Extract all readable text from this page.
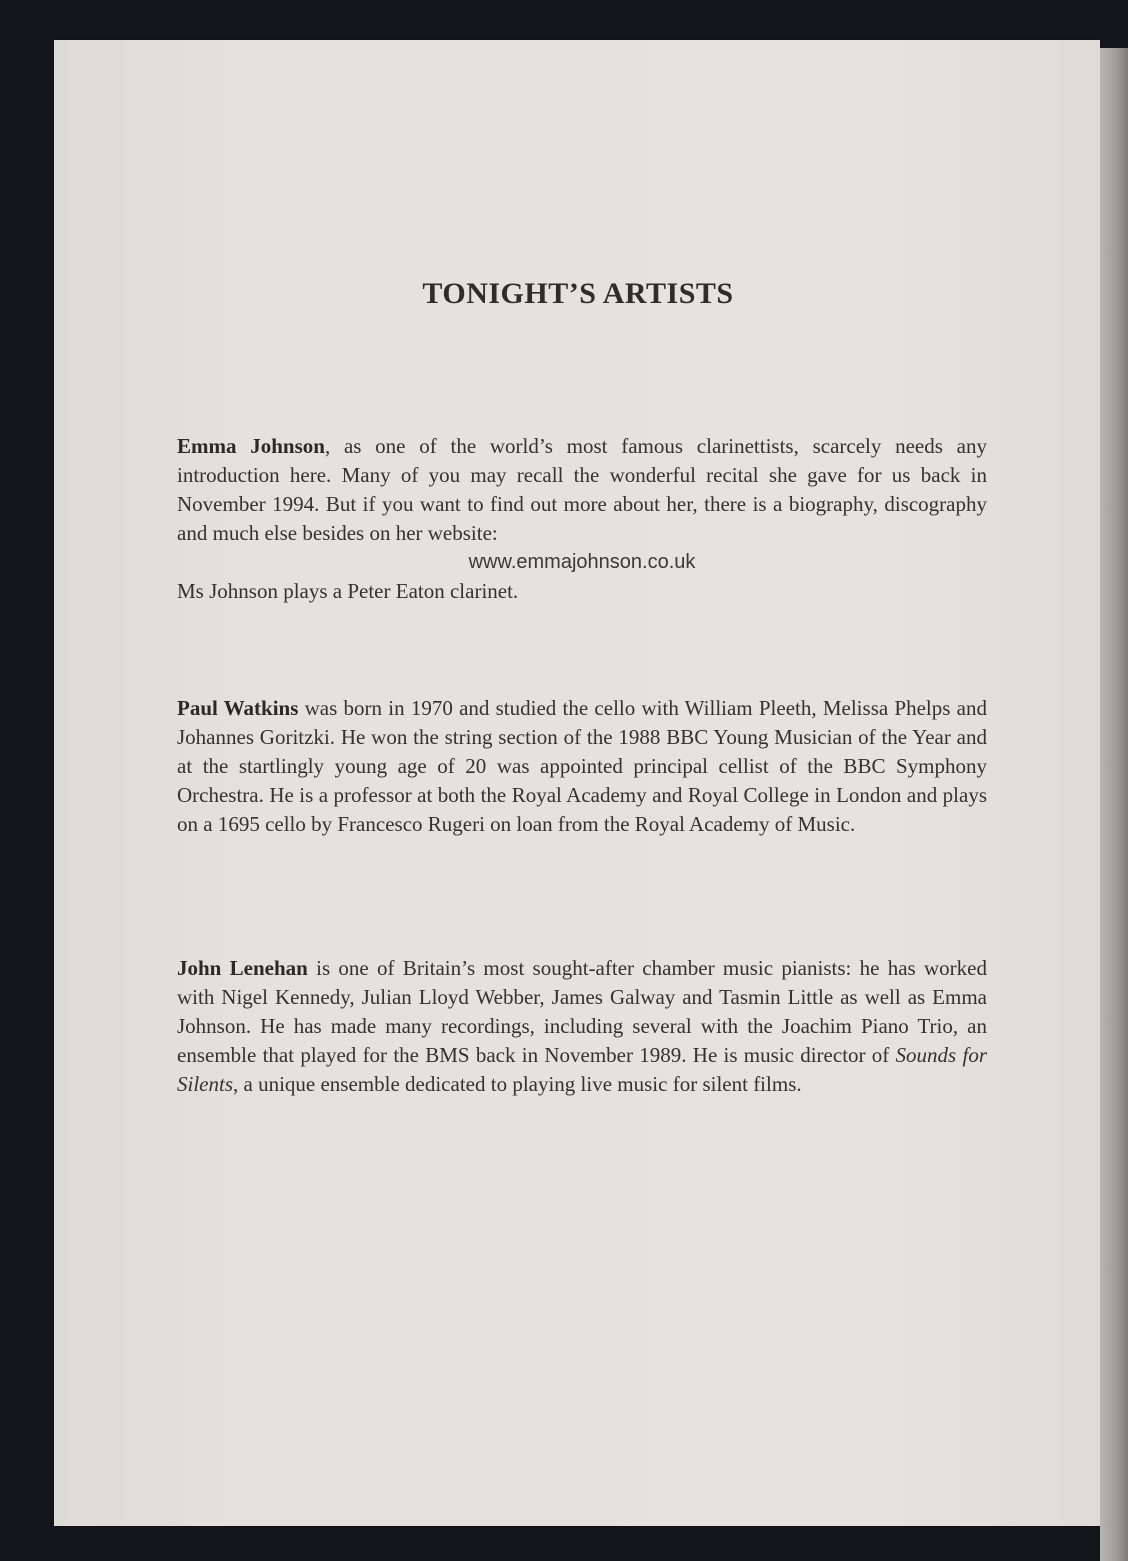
TONIGHT’S ARTISTS

Emma Johnson, as one of the world’s most famous clarinettists, scarcely needs any introduction here. Many of you may recall the wonderful recital she gave for us back in November 1994. But if you want to find out more about her, there is a biography, discography and much else besides on her website:
www.emmajohnson.co.uk
Ms Johnson plays a Peter Eaton clarinet.

Paul Watkins was born in 1970 and studied the cello with William Pleeth, Melissa Phelps and Johannes Goritzki. He won the string section of the 1988 BBC Young Musician of the Year and at the startlingly young age of 20 was appointed principal cellist of the BBC Symphony Orchestra. He is a professor at both the Royal Academy and Royal College in London and plays on a 1695 cello by Francesco Rugeri on loan from the Royal Academy of Music.

John Lenehan is one of Britain’s most sought-after chamber music pianists: he has worked with Nigel Kennedy, Julian Lloyd Webber, James Galway and Tasmin Little as well as Emma Johnson. He has made many recordings, including several with the Joachim Piano Trio, an ensemble that played for the BMS back in November 1989. He is music director of Sounds for Silents, a unique ensemble dedicated to playing live music for silent films.
